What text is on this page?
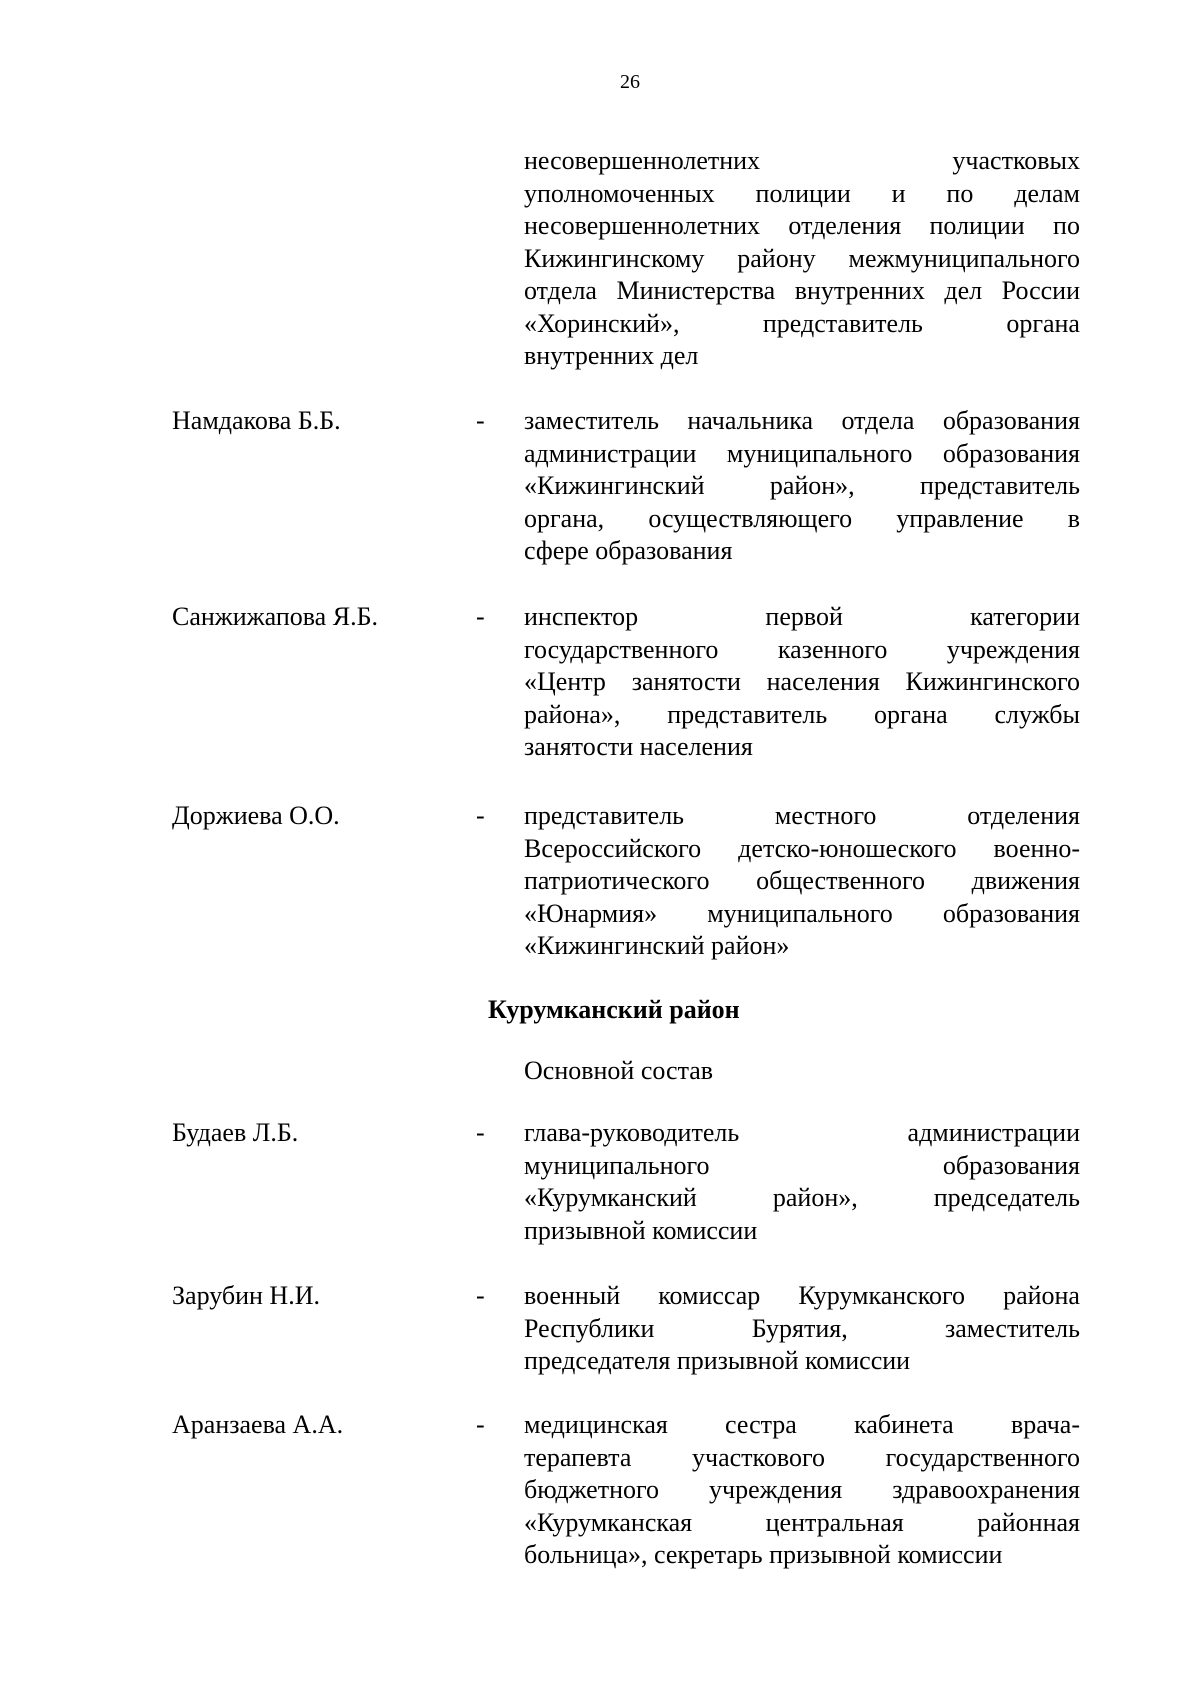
26
несовершеннолетних	участковых
уполномоченных полиции и по делам
несовершеннолетних отделения полиции по
Кижингинскому району межмуниципального
отдела Министерства внутренних дел России
«Хоринский»,	представитель	органа
внутренних дел
Намдакова Б.Б.	- заместитель начальника отдела образования
администрации муниципального образования
«Кижингинский	район»,	представитель
органа, осуществляющего управление в
сфере образования
Санжижапова Я.Б.	- инспектор	первой	категории
государственного казенного учреждения
«Центр занятости населения Кижингинского
района», представитель органа службы
занятости населения
Доржиева О.О.	- представитель	местного	отделения
Всероссийского детско-юношеского военно-
патриотического общественного движения
«Юнармия» муниципального образования
«Кижингинский район»
Курумканский район
Основной состав
Будаев Л.Б.	- глава-руководитель	администрации
муниципального	образования
«Курумканский	район»,	председатель
призывной комиссии
Зарубин Н.И.	- военный комиссар Курумканского района
Республики	Бурятия,	заместитель
председателя призывной комиссии
Аранзаева А.А.	- медицинская сестра кабинета врача-
терапевта участкового государственного
бюджетного учреждения здравоохранения
«Курумканская	центральная	районная
больница», секретарь призывной комиссии
